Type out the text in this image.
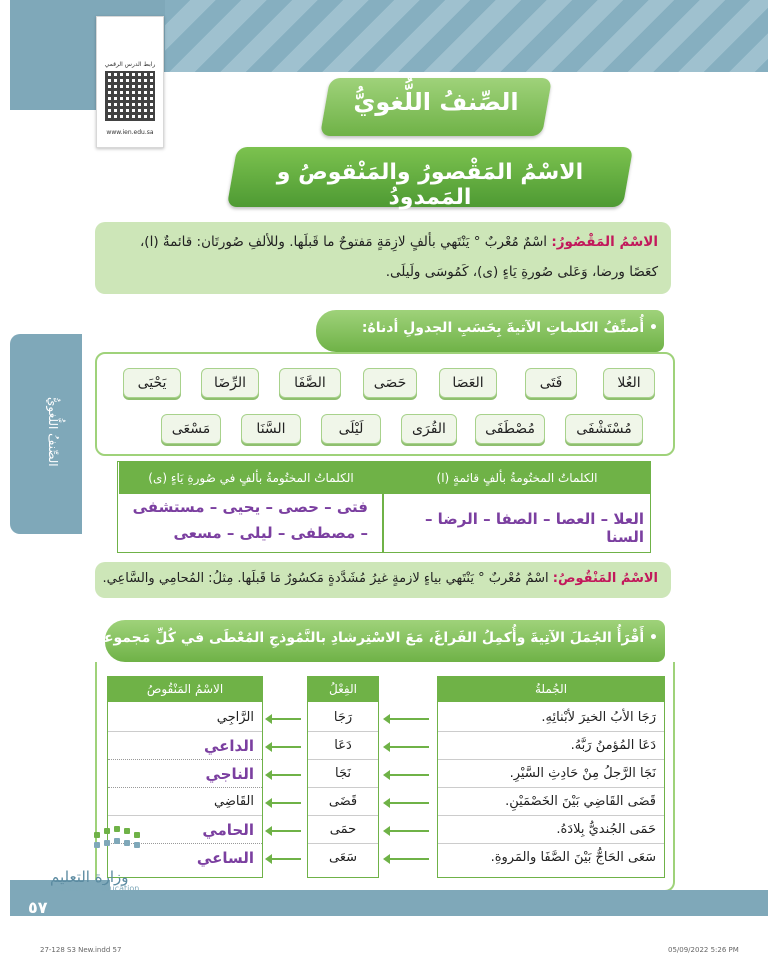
رابط الدرس الرقمي
www.ien.edu.sa
الصِّنفُ اللُّغويُّ
الاسْمُ المَقْصورُ والمَنْقوصُ و المَمدودُ
الاسْمُ المَقْصُورُ: اسْمٌ مُعْربٌ ° يَنْتَهي بألفٍ لازِمَةٍ مَفتوحٌ ما قَبلَها. وللألفِ صُورتَان: قائمةٌ (ا)،
كعَصًا ورضا، وَعَلى صُورةِ يَاءٍ (ى)، كَمُوسَى ولَيلَى.
الصِّنفُ اللُّغويُّ
• أُصنِّفُ الكلماتِ الآتيةَ بِحَسَبِ الجدولِ أدناهُ:
العُلا
فَتَى
العَصَا
حَصَى
الصَّفَا
الرِّضَا
يَحْيَى
مُسْتَشْفَى
مُصْطَفَى
القُرَى
لَيْلَى
السَّنَا
مَسْعَى
الكلماتُ المختُومةُ بألفٍ قائمةٍ (ا)
الكلماتُ المختُومةُ بألفٍ في صُورةِ يَاءٍ (ى)
العلا – العصا – الصفا – الرضا – السنا
فتى – حصى – يحيى – مستشفى
– مصطفى – ليلى – مسعى
الاسْمُ المَنْقُوصُ: اسْمٌ مُعْربٌ ° يَنْتَهي بياءٍ لازمةٍ غيرُ مُشَدَّدةٍ مَكسُورٌ مَا قَبلَها. مِثلُ: المُحامِي والسَّاعِي.
• أَقْرَأُ الجُمَلَ الآتِيةَ وأُكمِلُ الفَراغَ، مَعَ الاسْتِرشادِ بالنَّمُوذجِ المُعْطَى في كُلِّ مَجموعةٍ:
الجُملةُ
رَجَا الأبُ الخيرَ لأبْنائِهِ.
دَعَا المُؤمنُ رَبَّهُ.
نَجَا الرَّجلُ مِنْ حَادِثِ السَّيْرِ.
قَضَى القَاضِي بَيْنَ الخَصْمَيْنِ.
حَمَى الجُنديُّ بِلادَهُ.
سَعَى الحَاجُّ بَيْنَ الصَّفَا والمَروةِ.
الفِعْلُ
رَجَا
دَعَا
نَجَا
قَضَى
حمَى
سَعَى
الاسْمُ المَنْقُوصُ
الرَّاجِي
الداعي
الناجي
القَاضِي
الحامي
الساعي
وزارة التعليم
Ministry of Education
٥٧
27-128 S3 New.indd 57	05/09/2022 5:26 PM
